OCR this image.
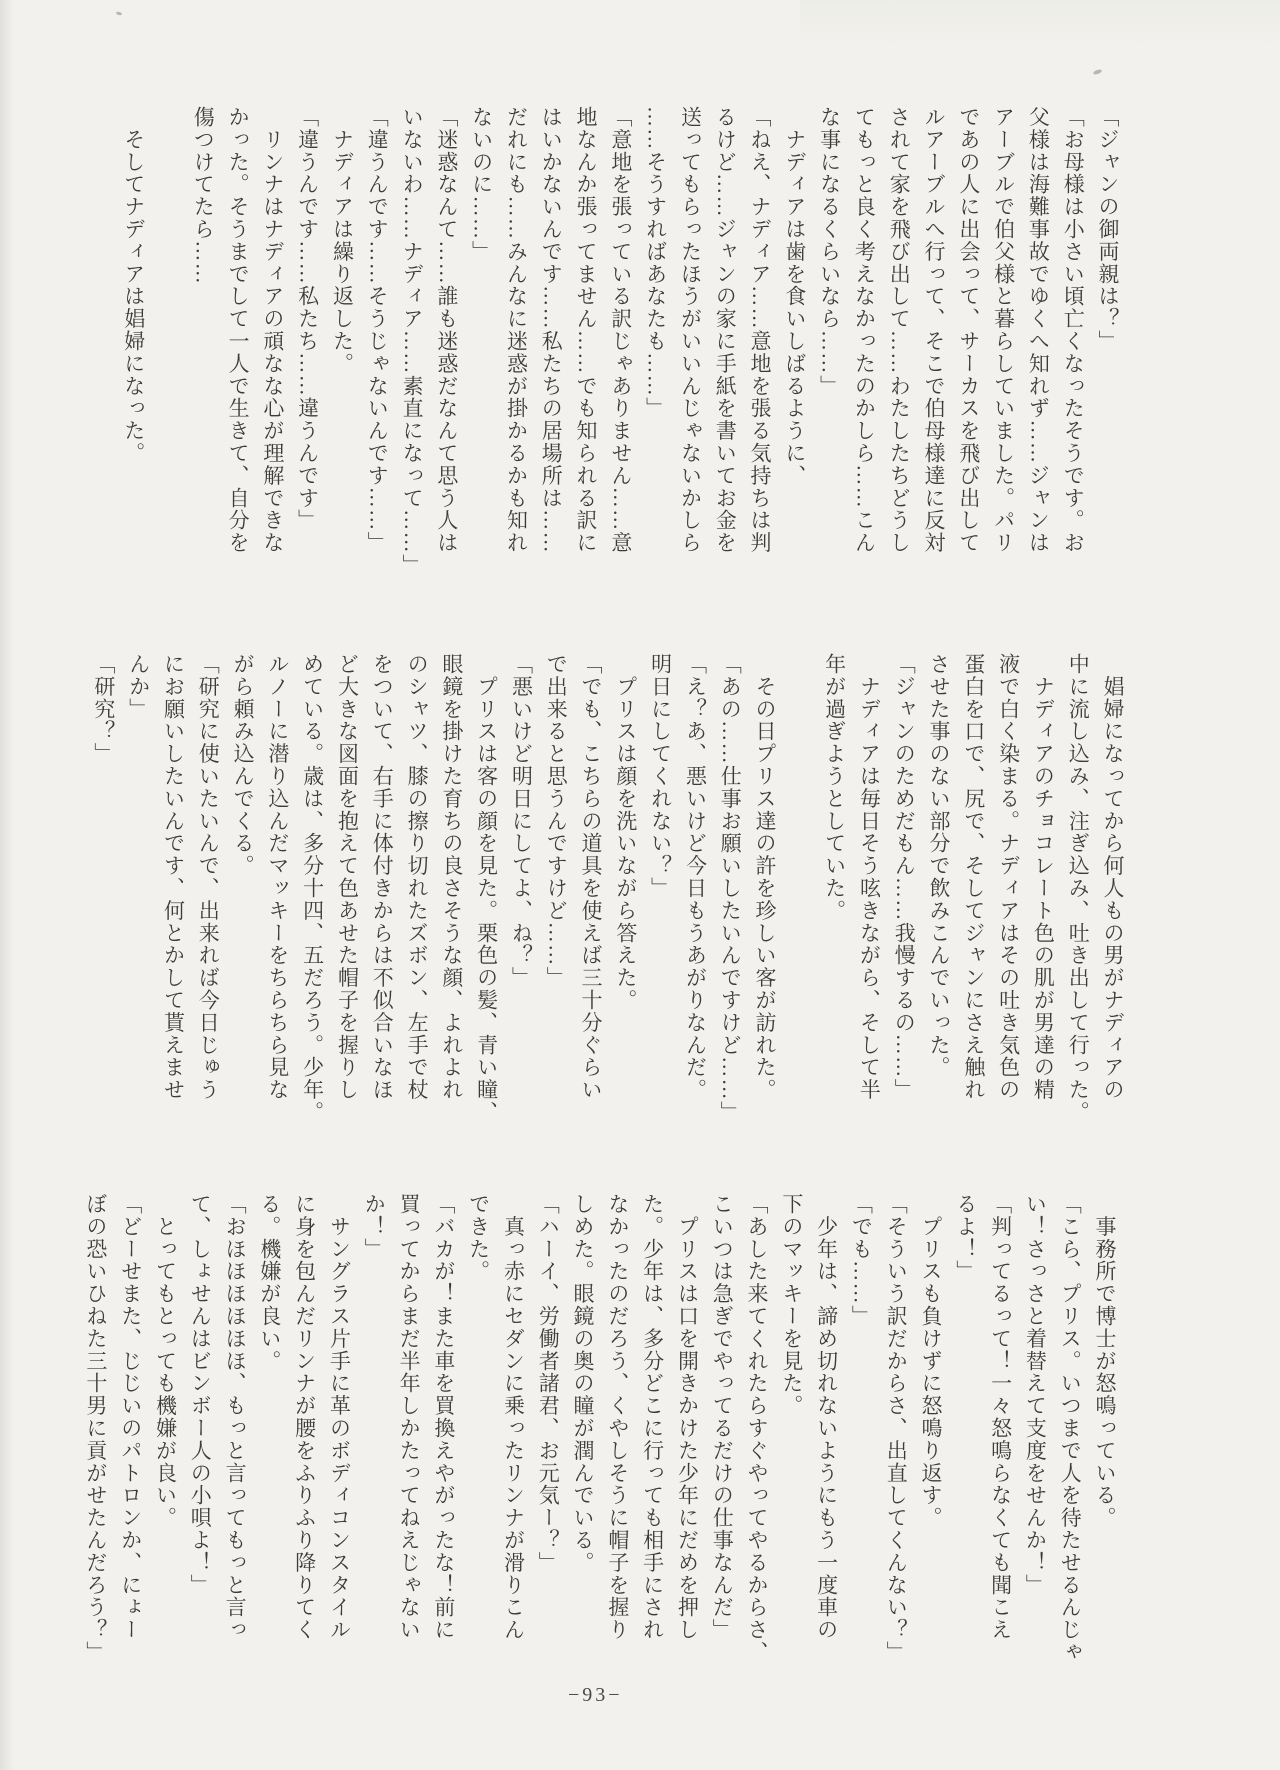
「ジャンの御両親は？」
「お母様は小さい頃亡くなったそうです。お
父様は海難事故でゆくへ知れず……ジャンは
アーブルで伯父様と暮らしていました。パリ
であの人に出会って、サーカスを飛び出して
ルアーブルへ行って、そこで伯母様達に反対
されて家を飛び出して……わたしたちどうし
てもっと良く考えなかったのかしら……こん
な事になるくらいなら……」
　ナディアは歯を食いしばるように、
「ねえ、ナディア……意地を張る気持ちは判
るけど……ジャンの家に手紙を書いてお金を
送ってもらったほうがいいんじゃないかしら
……そうすればあなたも……」
「意地を張っている訳じゃありません……意
地なんか張ってません……でも知られる訳に
はいかないんです……私たちの居場所は……
だれにも……みんなに迷惑が掛かるかも知れ
ないのに……」
「迷惑なんて……誰も迷惑だなんて思う人は
いないわ……ナディア……素直になって……」
「違うんです……そうじゃないんです……」
　ナディアは繰り返した。
「違うんです……私たち……違うんです」
　リンナはナディアの頑なな心が理解できな
かった。そうまでして一人で生きて、自分を
傷つけてたら……

　そしてナディアは娼婦になった。
　娼婦になってから何人もの男がナディアの
中に流し込み、注ぎ込み、吐き出して行った。
　ナディアのチョコレート色の肌が男達の精
液で白く染まる。ナディアはその吐き気色の
蛋白を口で、尻で、そしてジャンにさえ触れ
させた事のない部分で飲みこんでいった。
「ジャンのためだもん……我慢するの……」
　ナディアは毎日そう呟きながら、そして半
年が過ぎようとしていた。

　その日プリス達の許を珍しい客が訪れた。
「あの……仕事お願いしたいんですけど……」
「え？あ、悪いけど今日もうあがりなんだ。
明日にしてくれない？」
　プリスは顔を洗いながら答えた。
「でも、こちらの道具を使えば三十分ぐらい
で出来ると思うんですけど……」
「悪いけど明日にしてよ、ね？」
　プリスは客の顔を見た。栗色の髪、青い瞳、
眼鏡を掛けた育ちの良さそうな顔、よれよれ
のシャツ、膝の擦り切れたズボン、左手で杖
をついて、右手に体付きからは不似合いなほ
ど大きな図面を抱えて色あせた帽子を握りし
めている。歳は、多分十四、五だろう。少年。
ルノーに潜り込んだマッキーをちらちら見な
がら頼み込んでくる。
「研究に使いたいんで、出来れば今日じゅう
にお願いしたいんです、何とかして貰えませ
んか」
「研究？」
　事務所で博士が怒鳴っている。
「こら、プリス。いつまで人を待たせるんじゃ
い！さっさと着替えて支度をせんか！」
「判ってるって！一々怒鳴らなくても聞こえ
るよ！」
　プリスも負けずに怒鳴り返す。
「そういう訳だからさ、出直してくんない？」
「でも……」
　少年は、諦め切れないようにもう一度車の
下のマッキーを見た。
「あした来てくれたらすぐやってやるからさ、
こいつは急ぎでやってるだけの仕事なんだ」
　プリスは口を開きかけた少年にだめを押し
た。少年は、多分どこに行っても相手にされ
なかったのだろう、くやしそうに帽子を握り
しめた。眼鏡の奥の瞳が潤んでいる。
「ハーイ、労働者諸君、お元気ー？」
　真っ赤にセダンに乗ったリンナが滑りこん
できた。
「バカが！また車を買換えやがったな！前に
買ってからまだ半年しかたってねえじゃない
か！」
　サングラス片手に革のボディコンスタイル
に身を包んだリンナが腰をふりふり降りてく
る。機嫌が良い。
「おほほほほほほ、もっと言ってもっと言っ
て、しょせんはビンボー人の小唄よ！」
　とってもとっても機嫌が良い。
「どーせまた、じじいのパトロンか、にょー
ぼの恐いひねた三十男に貢がせたんだろう？」
−93−
